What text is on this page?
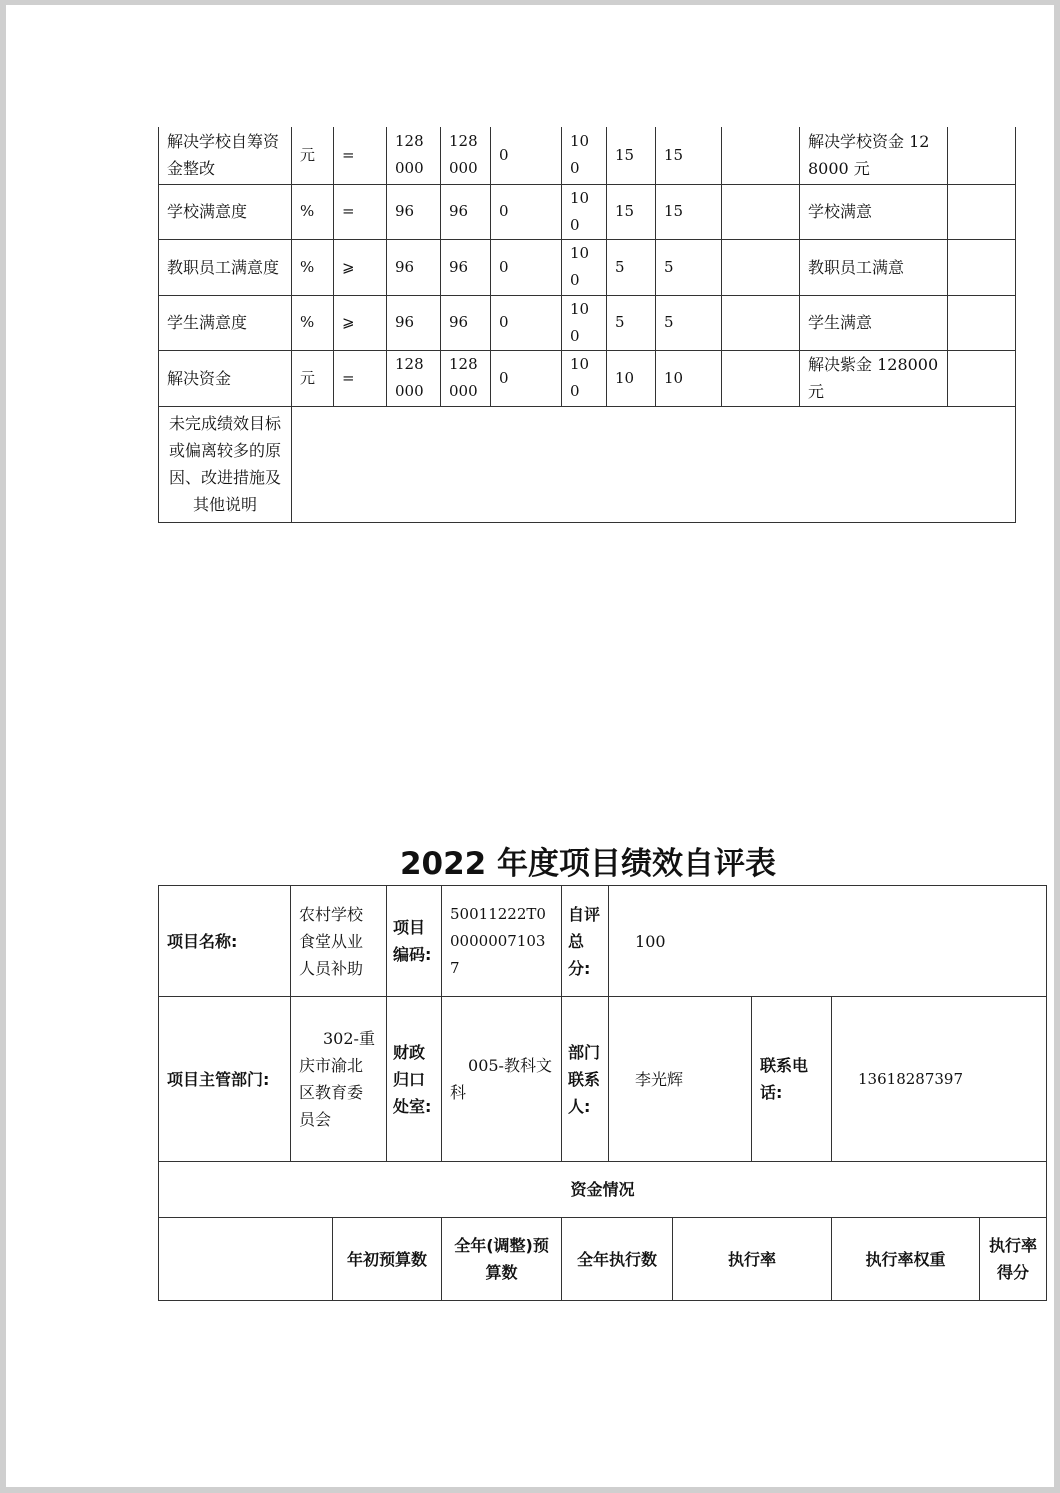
解决学校自筹资金整改	元	=	128000	128000	0	100	15	15		解决学校资金 128000 元	
学校满意度	%	=	96	96	0	100	15	15		学校满意	
教职员工满意度	%	⩾	96	96	0	100	5	5		教职员工满意	
学生满意度	%	⩾	96	96	0	100	5	5		学生满意	
解决资金	元	=	128000	128000	0	100	10	10		解决紫金 128000 元	
未完成绩效目标或偏离较多的原因、改进措施及其他说明											
2022 年度项目绩效自评表
项目名称:	农村学校食堂从业人员补助		项目编码:	50011222T000000071037	自评总分:	100				
项目主管部门:	302-重庆市渝北区教育委员会		财政归口处室:	005-教科文科	部门联系人:	李光辉		联系电话:	13618287397	
资金情况										
		年初预算数		全年(调整)预算数	全年执行数		执行率		执行率权重	执行率得分
